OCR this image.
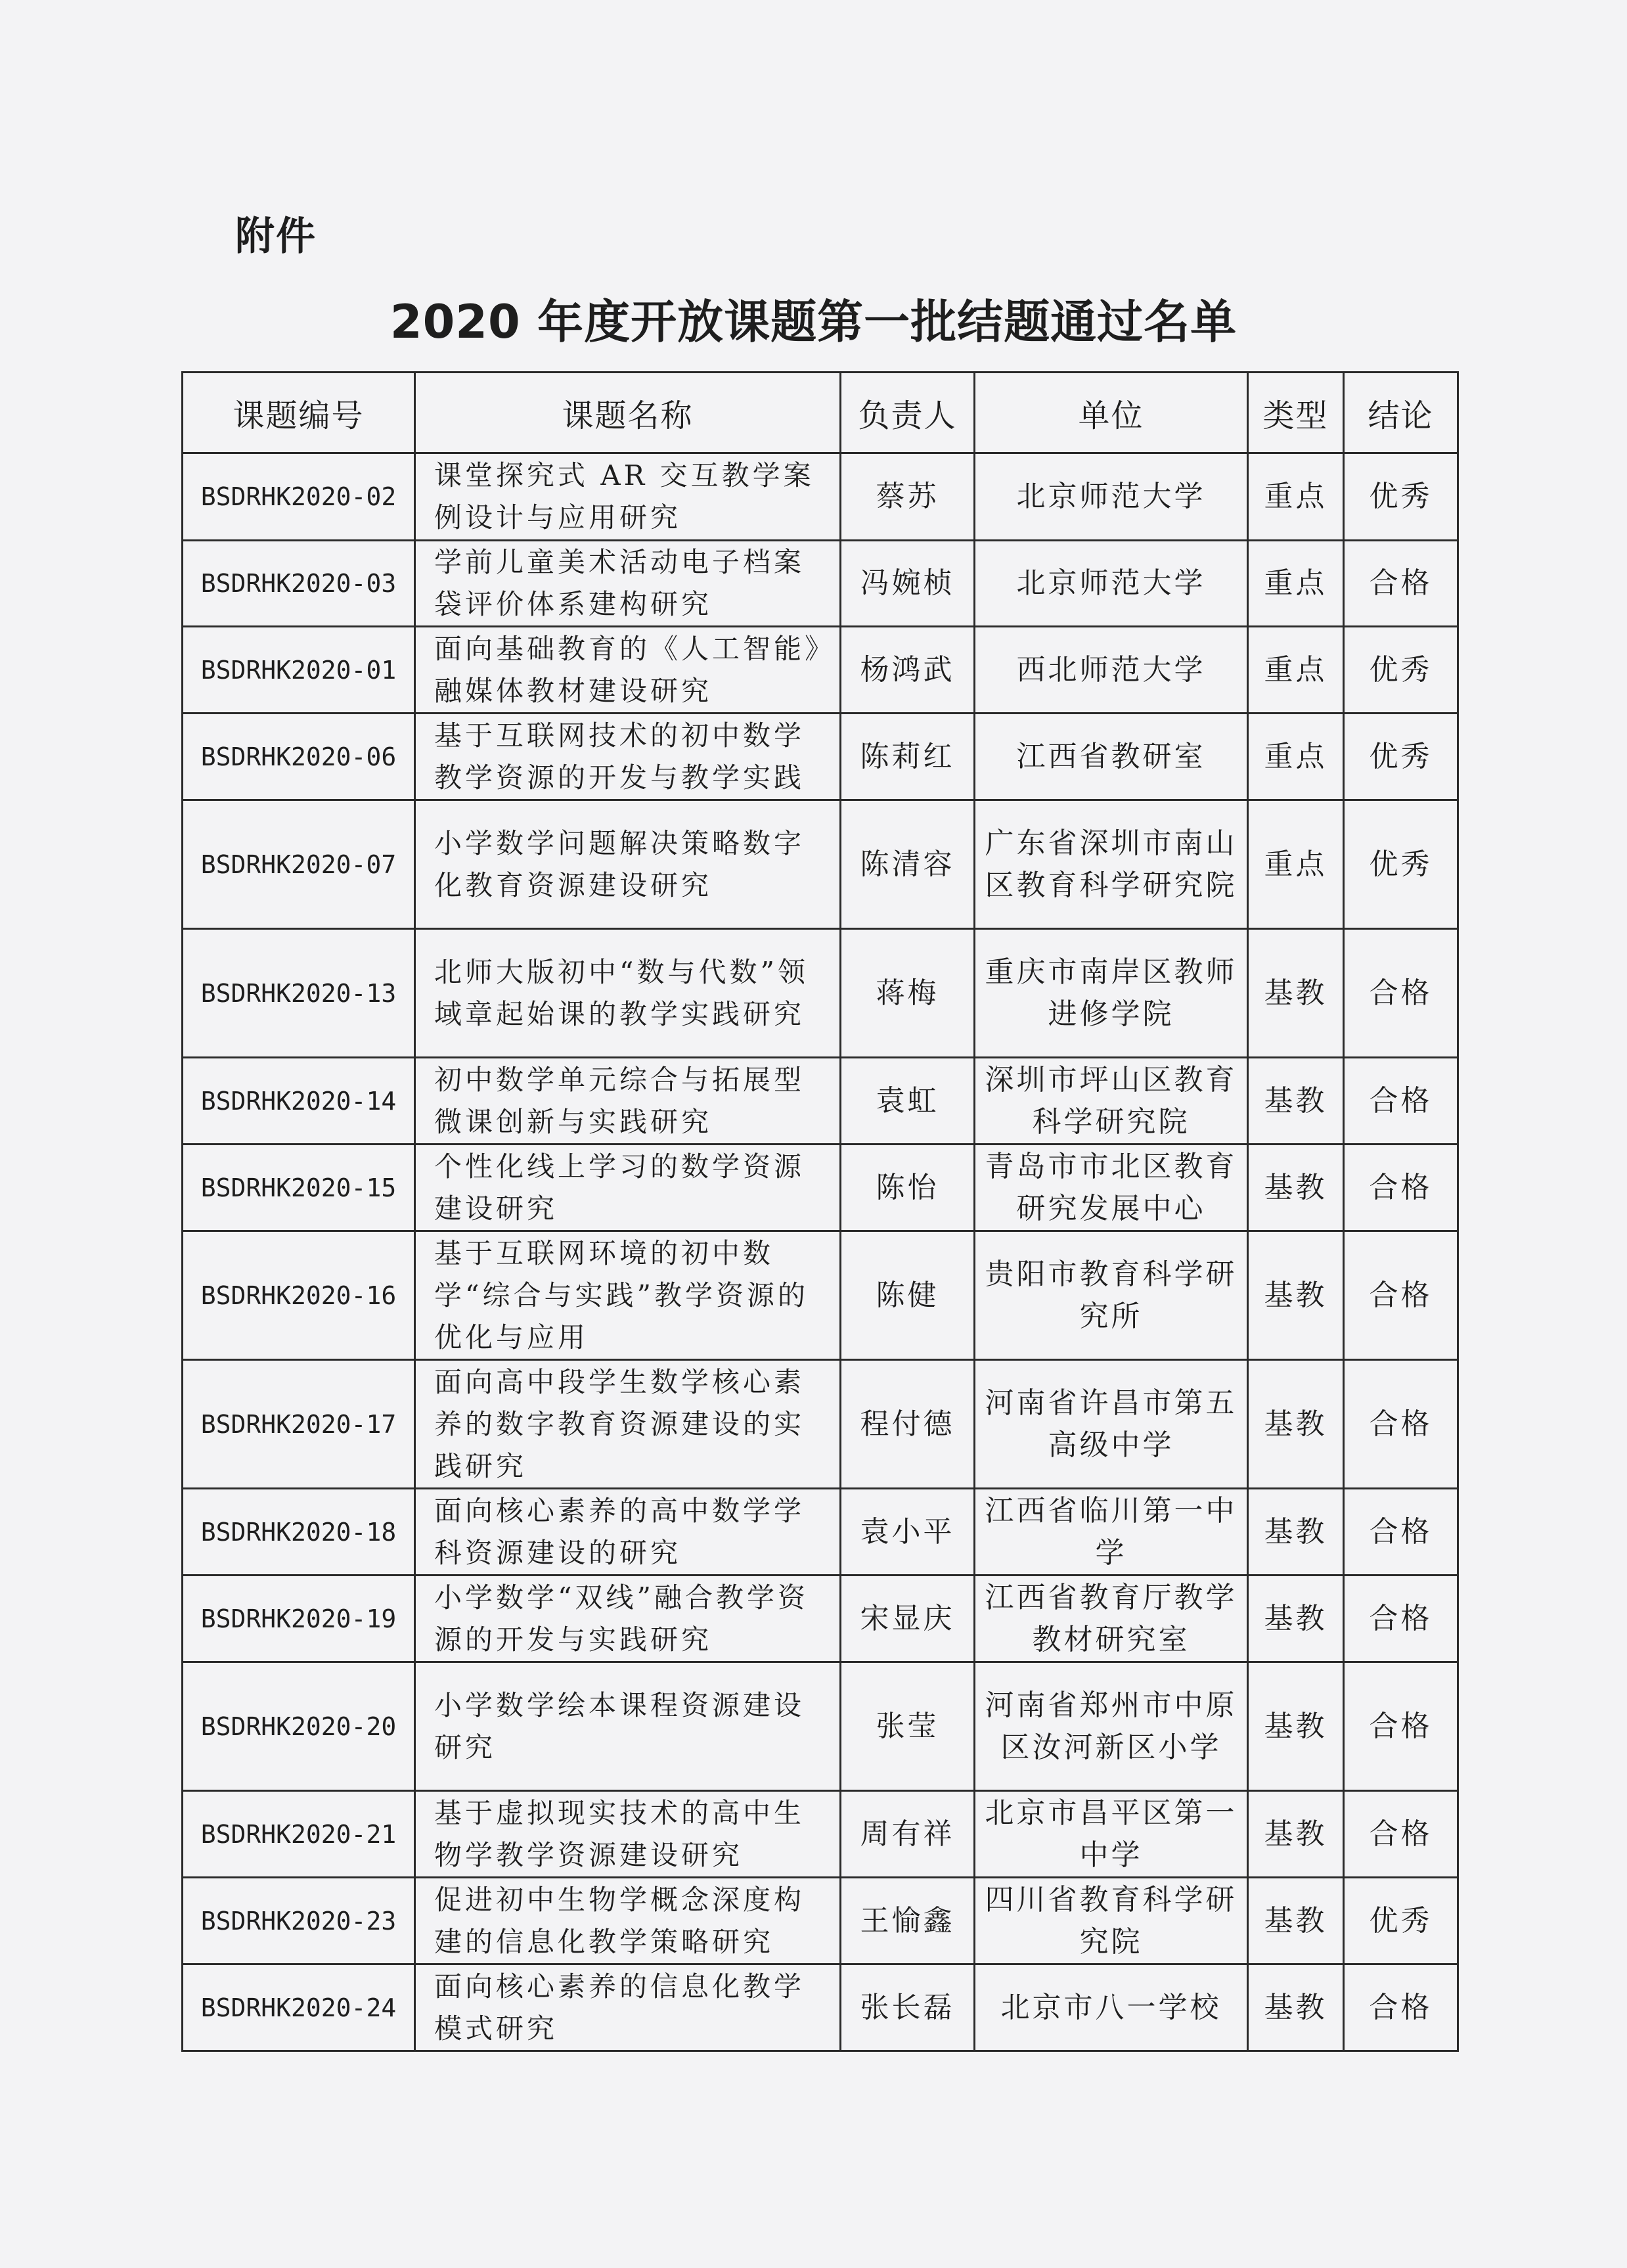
附件
2020 年度开放课题第一批结题通过名单
课题编号	课题名称	负责人	单位	类型	结论
BSDRHK2020-02	课堂探究式 AR 交互教学案例设计与应用研究	蔡苏	北京师范大学	重点	优秀
BSDRHK2020-03	学前儿童美术活动电子档案袋评价体系建构研究	冯婉桢	北京师范大学	重点	合格
BSDRHK2020-01	面向基础教育的《人工智能》融媒体教材建设研究	杨鸿武	西北师范大学	重点	优秀
BSDRHK2020-06	基于互联网技术的初中数学教学资源的开发与教学实践	陈莉红	江西省教研室	重点	优秀
BSDRHK2020-07	小学数学问题解决策略数字化教育资源建设研究	陈清容	广东省深圳市南山区教育科学研究院	重点	优秀
BSDRHK2020-13	北师大版初中“数与代数”领域章起始课的教学实践研究	蒋梅	重庆市南岸区教师进修学院	基教	合格
BSDRHK2020-14	初中数学单元综合与拓展型微课创新与实践研究	袁虹	深圳市坪山区教育科学研究院	基教	合格
BSDRHK2020-15	个性化线上学习的数学资源建设研究	陈怡	青岛市市北区教育研究发展中心	基教	合格
BSDRHK2020-16	基于互联网环境的初中数学“综合与实践”教学资源的优化与应用	陈健	贵阳市教育科学研究所	基教	合格
BSDRHK2020-17	面向高中段学生数学核心素养的数字教育资源建设的实践研究	程付德	河南省许昌市第五高级中学	基教	合格
BSDRHK2020-18	面向核心素养的高中数学学科资源建设的研究	袁小平	江西省临川第一中学	基教	合格
BSDRHK2020-19	小学数学“双线”融合教学资源的开发与实践研究	宋显庆	江西省教育厅教学教材研究室	基教	合格
BSDRHK2020-20	小学数学绘本课程资源建设研究	张莹	河南省郑州市中原区汝河新区小学	基教	合格
BSDRHK2020-21	基于虚拟现实技术的高中生物学教学资源建设研究	周有祥	北京市昌平区第一中学	基教	合格
BSDRHK2020-23	促进初中生物学概念深度构建的信息化教学策略研究	王愉鑫	四川省教育科学研究院	基教	优秀
BSDRHK2020-24	面向核心素养的信息化教学模式研究	张长磊	北京市八一学校	基教	合格
